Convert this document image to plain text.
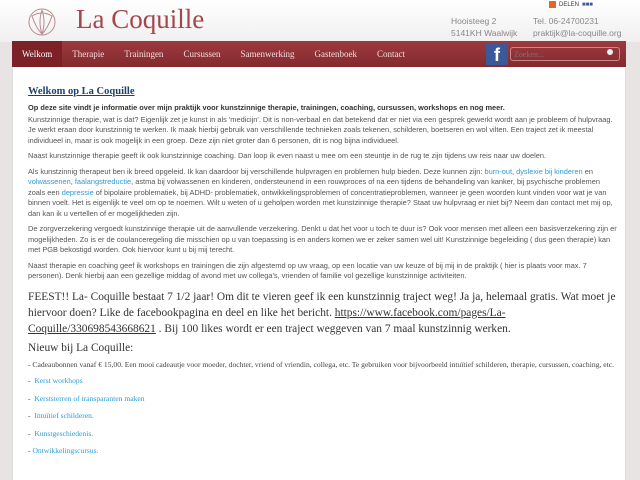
La Coquille	DELEN ■■■
Hooisteeg 2
5141KH Waalwijk
Tel. 06-24700231
praktijk@la-coquille.org
Welkom	Therapie	Trainingen	Cursussen	Samenwerking	Gastenboek	Contact	f
Zoeken...
Welkom op La Coquille

Op deze site vindt je informatie over mijn praktijk voor kunstzinnige therapie, trainingen, coaching, cursussen, workshops en nog meer.

Kunstzinnige therapie, wat is dat? Eigenlijk zet je kunst in als 'medicijn'. Dit is non-verbaal en dat betekend dat er niet via een gesprek gewerkt wordt aan je probleem of hulpvraag. Je werkt eraan door kunstzinnig te werken. Ik maak hierbij gebruik van verschillende technieken zoals tekenen, schilderen, boetseren en wol vilten. Een traject zet ik meestal individueel in, maar is ook mogelijk in een groep. Deze zijn niet groter dan 6 personen, dit is nog bijna individueel.

Naast kunstzinnige therapie geeft ik ook kunstzinnige coaching. Dan loop ik even naast u mee om een steuntje in de rug te zijn tijdens uw reis naar uw doelen.

Als kunstzinnig therapeut ben ik breed opgeleid. Ik kan daardoor bij verschillende hulpvragen en problemen hulp bieden. Deze kunnen zijn: burn-out, dyslexie bij kinderen en volwassenen, faalangstreductie, astma bij volwassenen en kinderen, ondersteunend in een rouwproces of na een tijdens de behandeling van kanker, bij psychische problemen zoals een depressie of bipolaire problematiek, bij ADHD- problematiek, ontwikkelingsproblemen of concentratieproblemen, wanneer je geen woorden kunt vinden voor wat je van binnen voelt. Het is eigenlijk te veel om op te noemen. Wilt u weten of u geholpen worden met kunstzinnige therapie? Staat uw hulpvraag er niet bij? Neem dan contact met mij op, dan kan ik u vertellen of er mogelijkheden zijn.

De zorgverzekering vergoedt kunstzinnige therapie uit de aanvullende verzekering. Denkt u dat het voor u toch te duur is? Ook voor mensen met alleen een basisverzekering zijn er mogelijkheden. Zo is er de coulanceregeling die misschien op u van toepassing is en anders komen we er zeker samen wel uit! Kunstzinnige begeleiding ( dus geen therapie) kan met PGB bekostigd worden. Ook hiervoor kunt u bij mij terecht.

Naast therapie en coaching geef ik workshops en trainingen die zijn afgestemd op uw vraag, op een locatie van uw keuze of bij mij in de praktijk ( hier is plaats voor max. 7 personen). Denk hierbij aan een gezellige middag of avond met uw collega's, vrienden of familie vol gezellige kunstzinnige activiteiten.

FEEST!! La- Coquille bestaat 7 1/2 jaar! Om dit te vieren geef ik een kunstzinnig traject weg! Ja ja, helemaal gratis. Wat moet je hiervoor doen? Like de facebookpagina en deel en like het bericht. https://www.facebook.com/pages/La-Coquille/330698543668621 . Bij 100 likes wordt er een traject weggeven van 7 maal kunstzinnig werken.
Nieuw bij La Coquille:
- Cadeaubonnen vanaf € 15,00. Een mooi cadeautje voor moeder, dochter, vriend of vriendin, collega, etc. Te gebruiken voor bijvoorbeeld intuïtief schilderen, therapie, cursussen, coaching, etc.
-  Kerst workhops
-  Kerststerren of transparanten maken
-  Intuïtief schilderen.
-  Kunstgeschiedenis.
- Ontwikkelingscursus.
